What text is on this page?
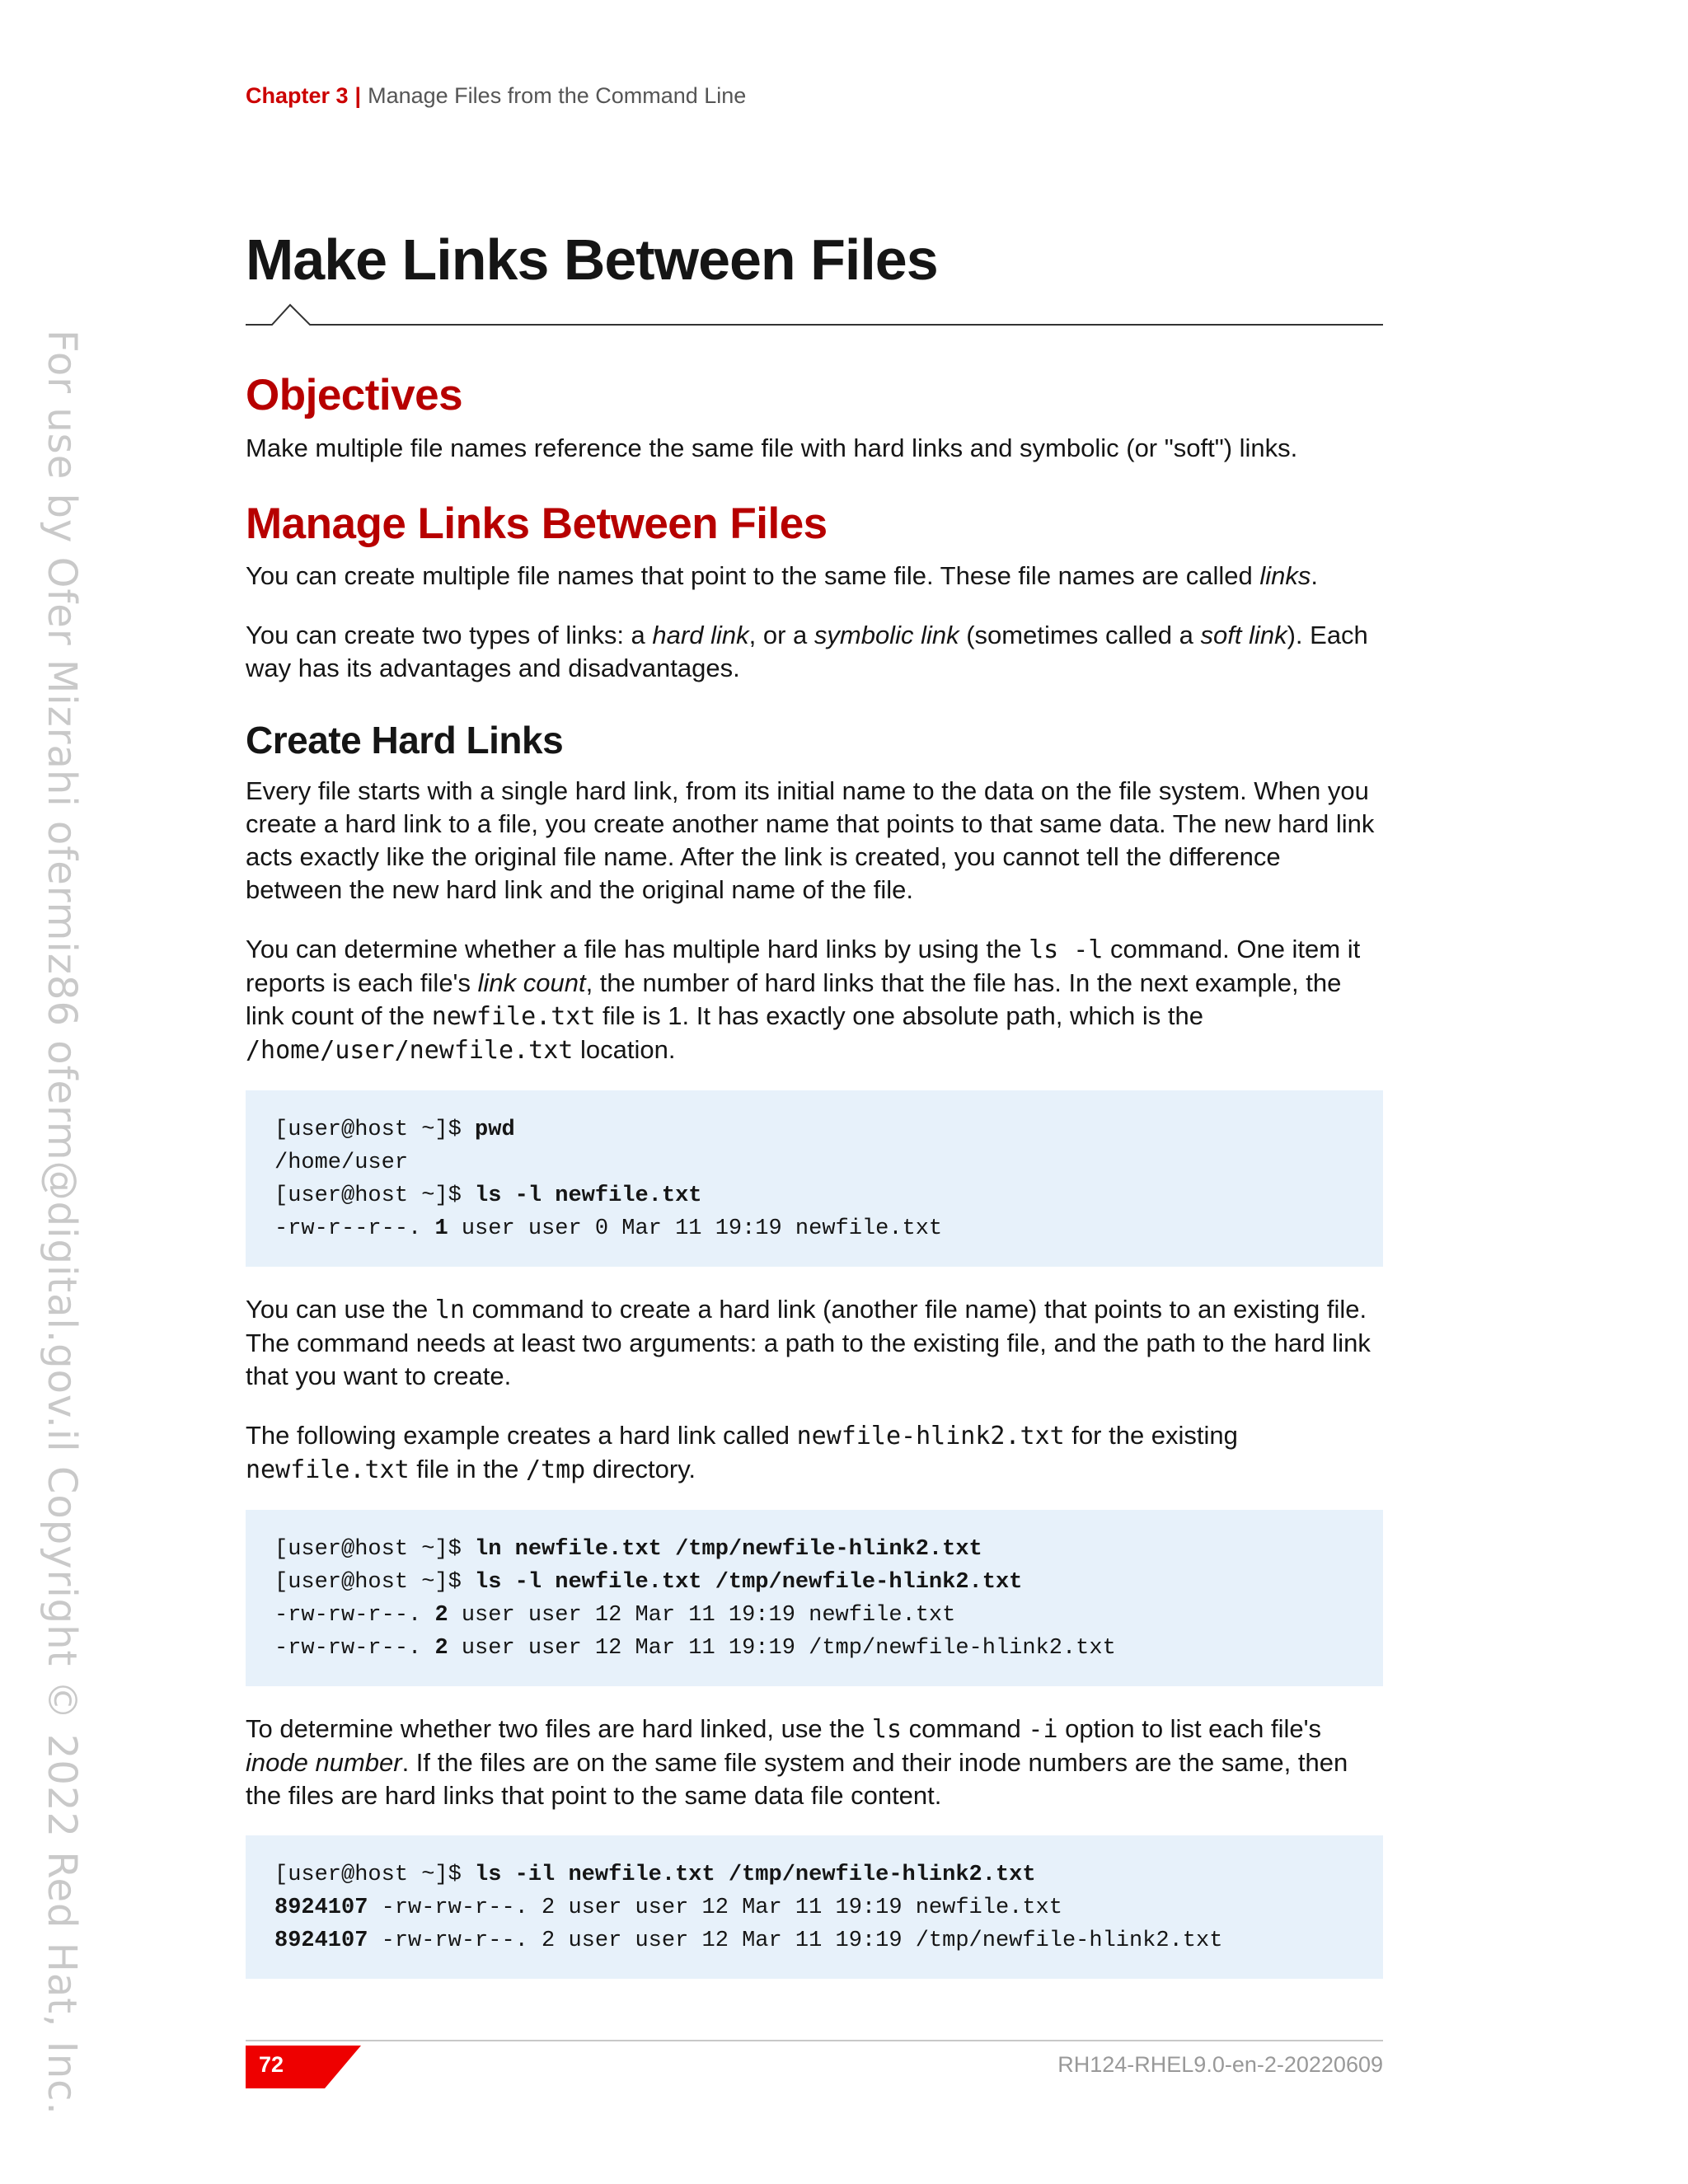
For use by Ofer Mizrahi ofermiz86 oferm@digital.gov.il Copyright © 2022 Red Hat, Inc.
Chapter 3 | Manage Files from the Command Line
Make Links Between Files
Objectives

Make multiple file names reference the same file with hard links and symbolic (or "soft") links.

Manage Links Between Files

You can create multiple file names that point to the same file. These file names are called links.

You can create two types of links: a hard link, or a symbolic link (sometimes called a soft link). Each way has its advantages and disadvantages.

Create Hard Links

Every file starts with a single hard link, from its initial name to the data on the file system. When you create a hard link to a file, you create another name that points to that same data. The new hard link acts exactly like the original file name. After the link is created, you cannot tell the difference between the new hard link and the original name of the file.

You can determine whether a file has multiple hard links by using the ls -l command. One item it reports is each file's link count, the number of hard links that the file has. In the next example, the link count of the newfile.txt file is 1. It has exactly one absolute path, which is the /home/user/newfile.txt location.

[user@host ~]$ pwd
/home/user
[user@host ~]$ ls -l newfile.txt
-rw-r--r--. 1 user user 0 Mar 11 19:19 newfile.txt

You can use the ln command to create a hard link (another file name) that points to an existing file. The command needs at least two arguments: a path to the existing file, and the path to the hard link that you want to create.

The following example creates a hard link called newfile-hlink2.txt for the existing newfile.txt file in the /tmp directory.

[user@host ~]$ ln newfile.txt /tmp/newfile-hlink2.txt
[user@host ~]$ ls -l newfile.txt /tmp/newfile-hlink2.txt
-rw-rw-r--. 2 user user 12 Mar 11 19:19 newfile.txt
-rw-rw-r--. 2 user user 12 Mar 11 19:19 /tmp/newfile-hlink2.txt

To determine whether two files are hard linked, use the ls command -i option to list each file's inode number. If the files are on the same file system and their inode numbers are the same, then the files are hard links that point to the same data file content.

[user@host ~]$ ls -il newfile.txt /tmp/newfile-hlink2.txt
8924107 -rw-rw-r--. 2 user user 12 Mar 11 19:19 newfile.txt
8924107 -rw-rw-r--. 2 user user 12 Mar 11 19:19 /tmp/newfile-hlink2.txt
72	RH124-RHEL9.0-en-2-20220609
